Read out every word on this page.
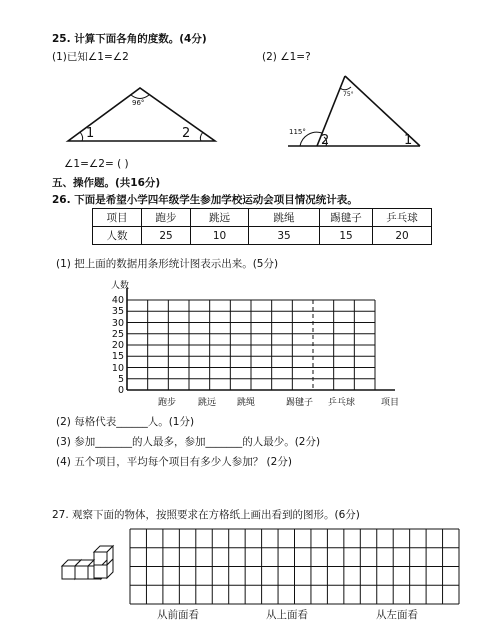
25. 计算下面各角的度数。(4分)
(1)已知∠1=∠2	(2) ∠1=?
96°
1	2
∠1=∠2= ( )
75°
115°
2	1
五、操作题。(共16分)
26. 下面是希望小学四年级学生参加学校运动会项目情况统计表。
项目	跑步	跳远	跳绳	踢毽子	乒乓球
人数	25	10	35	15	20
(1) 把上面的数据用条形统计图表示出来。(5分)
人数
40
35
30
25
20
15
10
5
0
跑步 跳远 跳绳	踢毽子 乒乓球	项目
(2) 每格代表______人。(1分)
(3) 参加_______的人最多，参加_______的人最少。(2分)
(4) 五个项目，平均每个项目有多少人参加？ (2分)
27. 观察下面的物体，按照要求在方格纸上画出看到的图形。(6分)
从前面看	从上面看	从左面看
